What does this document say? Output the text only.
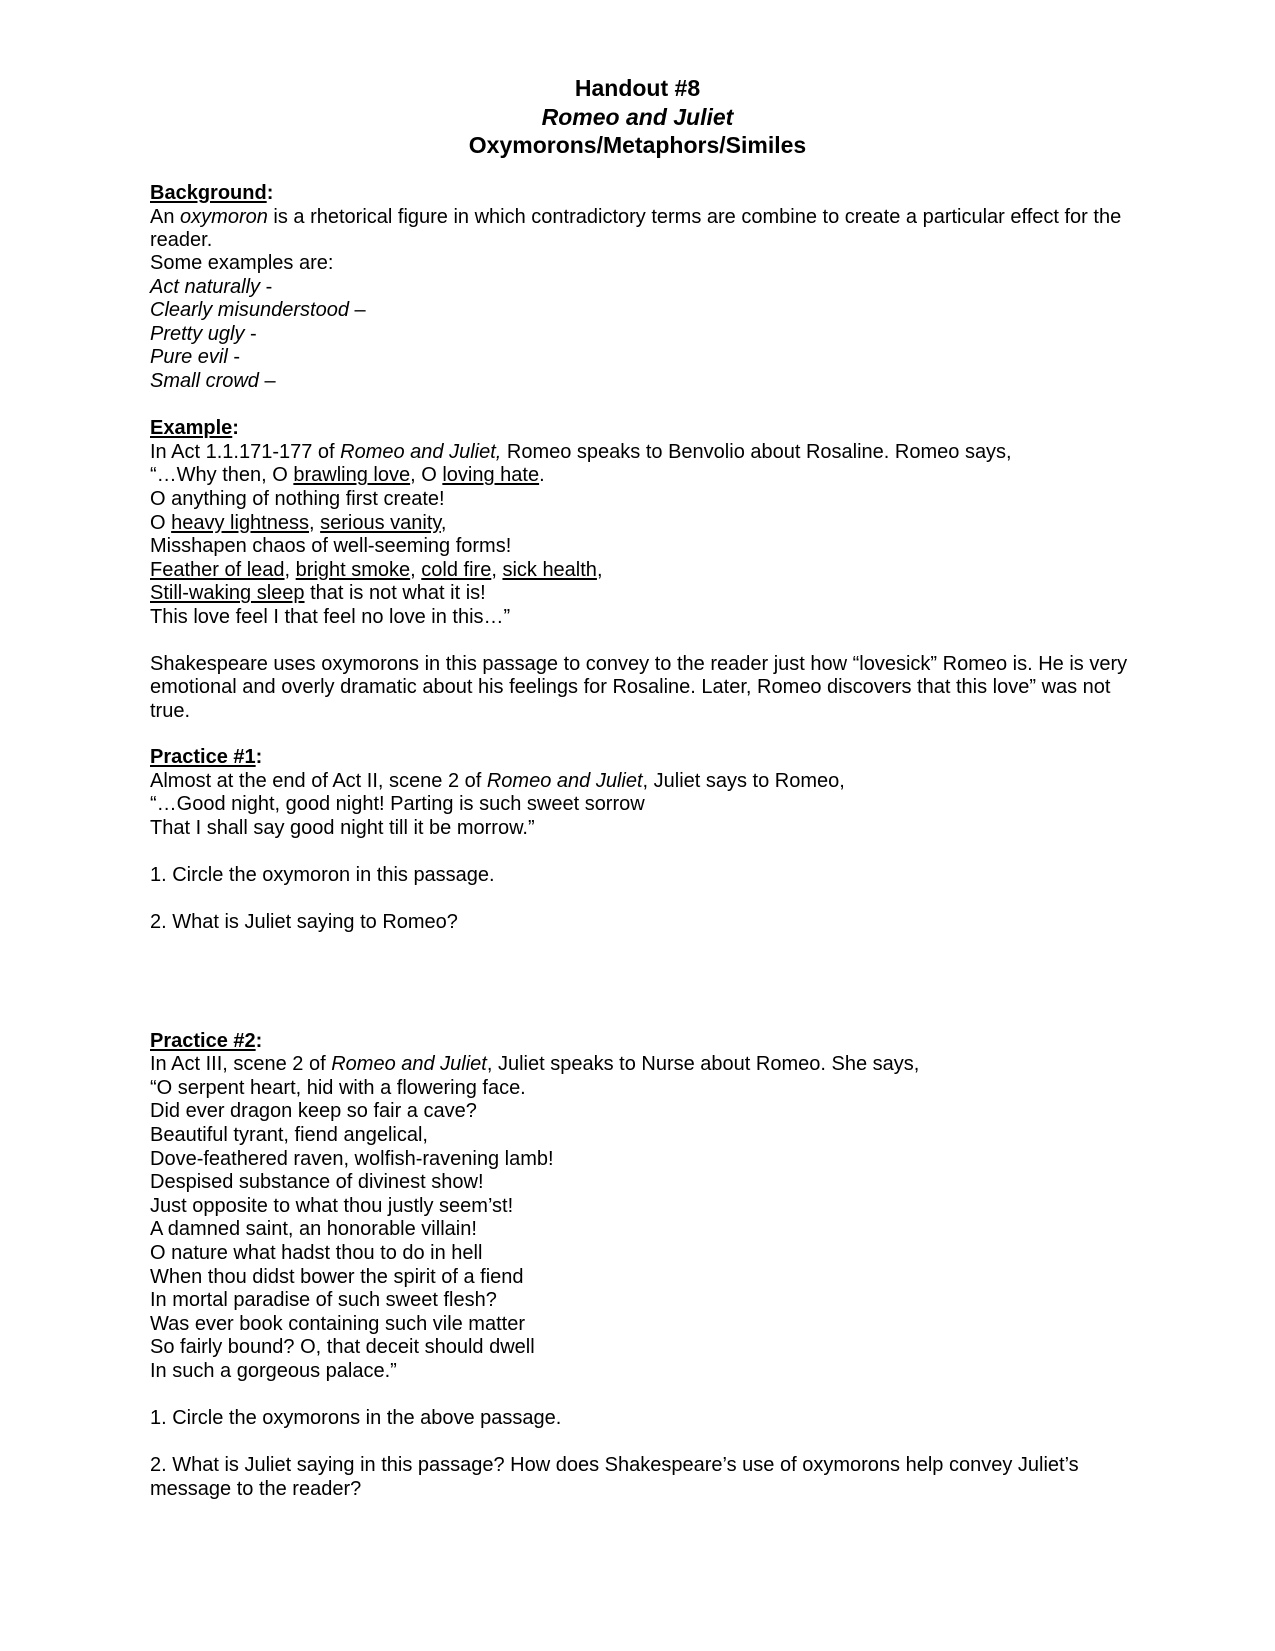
Handout #8
Romeo and Juliet
Oxymorons/Metaphors/Similes
Background:
An oxymoron is a rhetorical figure in which contradictory terms are combine to create a particular effect for the reader.
Some examples are:
Act naturally -
Clearly misunderstood –
Pretty ugly -
Pure evil -
Small crowd –
Example:
In Act 1.1.171-177 of Romeo and Juliet, Romeo speaks to Benvolio about Rosaline. Romeo says,
“…Why then, O brawling love, O loving hate.
O anything of nothing first create!
O heavy lightness, serious vanity,
Misshapen chaos of well-seeming forms!
Feather of lead, bright smoke, cold fire, sick health,
Still-waking sleep that is not what it is!
This love feel I that feel no love in this…”
Shakespeare uses oxymorons in this passage to convey to the reader just how “lovesick” Romeo is. He is very emotional and overly dramatic about his feelings for Rosaline. Later, Romeo discovers that this love” was not true.
Practice #1:
Almost at the end of Act II, scene 2 of Romeo and Juliet, Juliet says to Romeo,
“…Good night, good night! Parting is such sweet sorrow
That I shall say good night till it be morrow.”
1. Circle the oxymoron in this passage.
2. What is Juliet saying to Romeo?
Practice #2:
In Act III, scene 2 of Romeo and Juliet, Juliet speaks to Nurse about Romeo. She says,
“O serpent heart, hid with a flowering face.
Did ever dragon keep so fair a cave?
Beautiful tyrant, fiend angelical,
Dove-feathered raven, wolfish-ravening lamb!
Despised substance of divinest show!
Just opposite to what thou justly seem’st!
A damned saint, an honorable villain!
O nature what hadst thou to do in hell
When thou didst bower the spirit of a fiend
In mortal paradise of such sweet flesh?
Was ever book containing such vile matter
So fairly bound? O, that deceit should dwell
In such a gorgeous palace.”
1. Circle the oxymorons in the above passage.
2. What is Juliet saying in this passage? How does Shakespeare’s use of oxymorons help convey Juliet’s message to the reader?
